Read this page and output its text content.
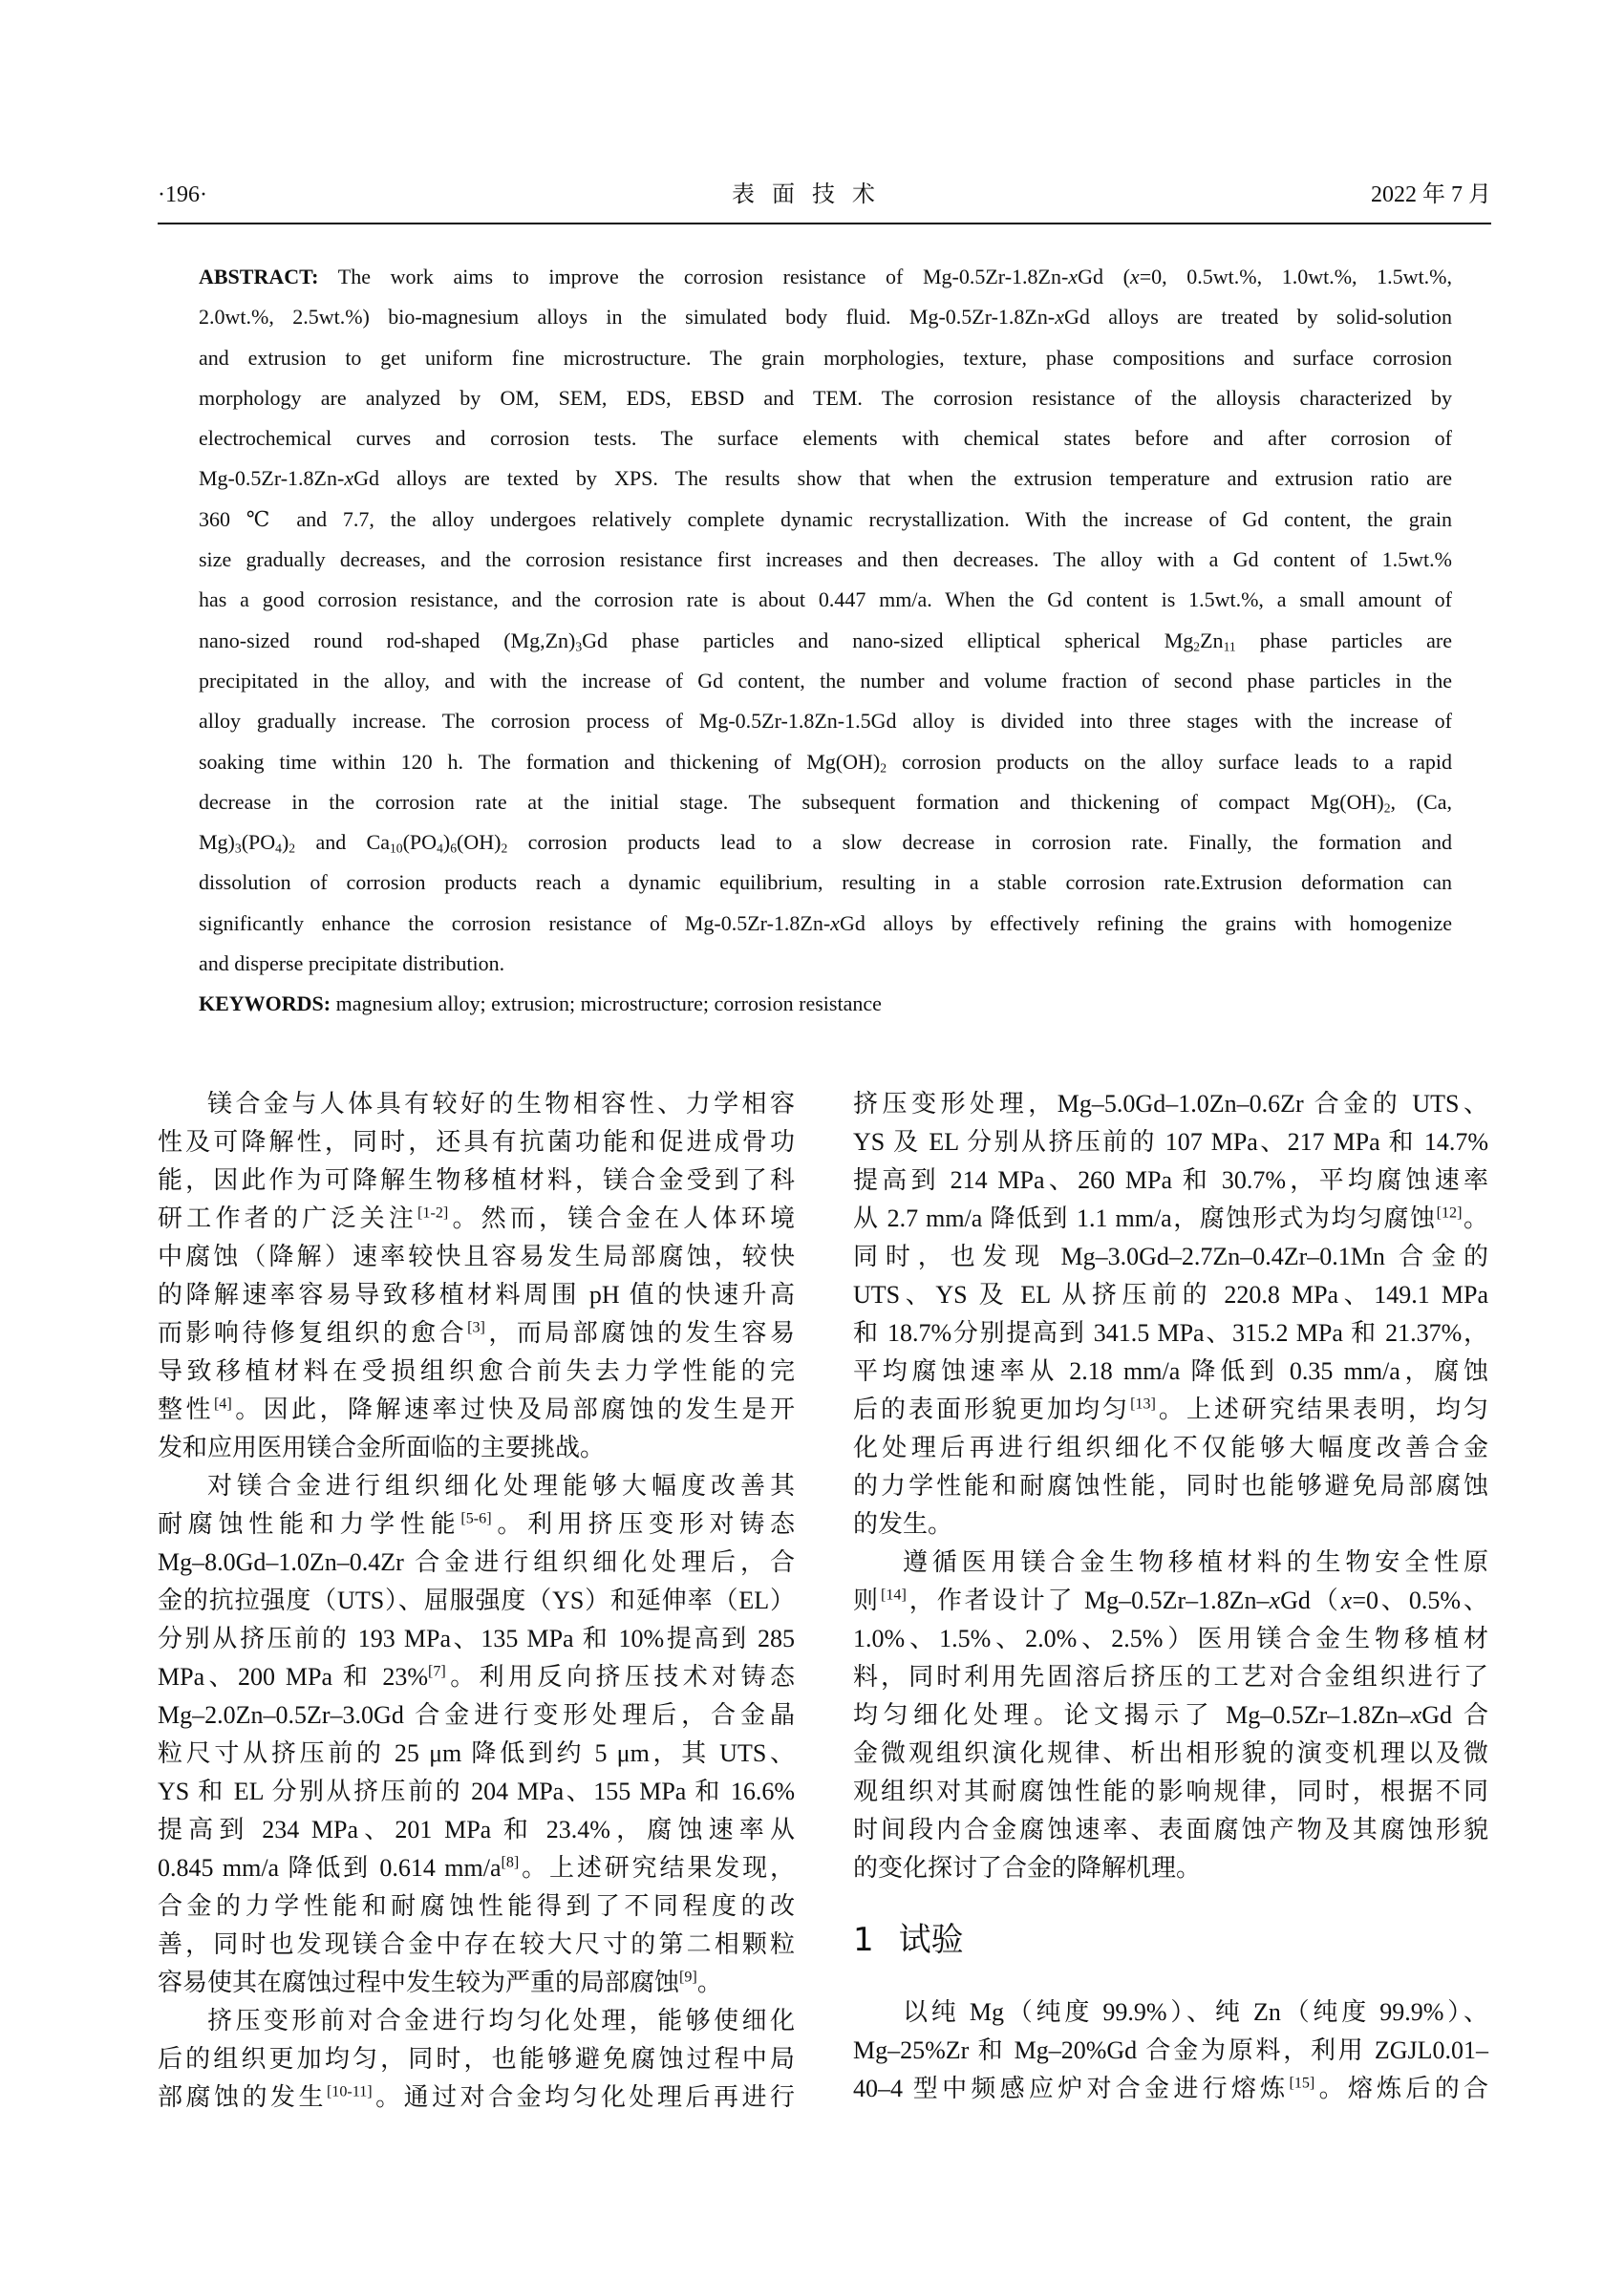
·196·	表面技术	2022 年 7 月
ABSTRACT: The work aims to improve the corrosion resistance of Mg-0.5Zr-1.8Zn-xGd (x=0, 0.5wt.%, 1.0wt.%, 1.5wt.%,
2.0wt.%, 2.5wt.%) bio-magnesium alloys in the simulated body fluid. Mg-0.5Zr-1.8Zn-xGd alloys are treated by solid-solution
and extrusion to get uniform fine microstructure. The grain morphologies, texture, phase compositions and surface corrosion
morphology are analyzed by OM, SEM, EDS, EBSD and TEM. The corrosion resistance of the alloysis characterized by
electrochemical curves and corrosion tests. The surface elements with chemical states before and after corrosion of
Mg-0.5Zr-1.8Zn-xGd alloys are texted by XPS. The results show that when the extrusion temperature and extrusion ratio are
360 ℃ and 7.7, the alloy undergoes relatively complete dynamic recrystallization. With the increase of Gd content, the grain
size gradually decreases, and the corrosion resistance first increases and then decreases. The alloy with a Gd content of 1.5wt.%
has a good corrosion resistance, and the corrosion rate is about 0.447 mm/a. When the Gd content is 1.5wt.%, a small amount of
nano-sized round rod-shaped $(Mg,Zn)_3Gd$ phase particles and nano-sized elliptical spherical $Mg_2Zn_{11}$ phase particles are
precipitated in the alloy, and with the increase of Gd content, the number and volume fraction of second phase particles in the
alloy gradually increase. The corrosion process of Mg-0.5Zr-1.8Zn-1.5Gd alloy is divided into three stages with the increase of
soaking time within 120 h. The formation and thickening of $Mg(OH)_2$ corrosion products on the alloy surface leads to a rapid
decrease in the corrosion rate at the initial stage. The subsequent formation and thickening of compact $Mg(OH)_2$, (Ca,
$Mg)_3(PO_4)_2$ and $Ca_{10}(PO_4)_6(OH)_2$ corrosion products lead to a slow decrease in corrosion rate. Finally, the formation and
dissolution of corrosion products reach a dynamic equilibrium, resulting in a stable corrosion rate.Extrusion deformation can
significantly enhance the corrosion resistance of Mg-0.5Zr-1.8Zn-xGd alloys by effectively refining the grains with homogenize
and disperse precipitate distribution.
KEYWORDS: magnesium alloy; extrusion; microstructure; corrosion resistance
镁合金与人体具有较好的生物相容性、力学相容
性及可降解性，同时，还具有抗菌功能和促进成骨功
能，因此作为可降解生物移植材料，镁合金受到了科
研工作者的广泛关注[1-2]。然而，镁合金在人体环境
中腐蚀（降解）速率较快且容易发生局部腐蚀，较快
的降解速率容易导致移植材料周围 pH 值的快速升高
而影响待修复组织的愈合[3]，而局部腐蚀的发生容易
导致移植材料在受损组织愈合前失去力学性能的完
整性[4]。因此，降解速率过快及局部腐蚀的发生是开
发和应用医用镁合金所面临的主要挑战。
对镁合金进行组织细化处理能够大幅度改善其
耐腐蚀性能和力学性能[5-6]。利用挤压变形对铸态
Mg–8.0Gd–1.0Zn–0.4Zr 合金进行组织细化处理后，合
金的抗拉强度（UTS）、屈服强度（YS）和延伸率（EL）
分别从挤压前的 193 MPa、135 MPa 和 10%提高到 285
MPa、200 MPa 和 23%[7]。利用反向挤压技术对铸态
Mg–2.0Zn–0.5Zr–3.0Gd 合金进行变形处理后，合金晶
粒尺寸从挤压前的 25 μm 降低到约 5 μm，其 UTS、
YS 和 EL 分别从挤压前的 204 MPa、155 MPa 和 16.6%
提高到 234 MPa、201 MPa 和 23.4%，腐蚀速率从
0.845 mm/a 降低到 0.614 mm/a[8]。上述研究结果发现，
合金的力学性能和耐腐蚀性能得到了不同程度的改
善，同时也发现镁合金中存在较大尺寸的第二相颗粒
容易使其在腐蚀过程中发生较为严重的局部腐蚀[9]。
挤压变形前对合金进行均匀化处理，能够使细化
后的组织更加均匀，同时，也能够避免腐蚀过程中局
部腐蚀的发生[10-11]。通过对合金均匀化处理后再进行
挤压变形处理，Mg–5.0Gd–1.0Zn–0.6Zr 合金的 UTS、
YS 及 EL 分别从挤压前的 107 MPa、217 MPa 和 14.7%
提高到 214 MPa、260 MPa 和 30.7%，平均腐蚀速率
从 2.7 mm/a 降低到 1.1 mm/a，腐蚀形式为均匀腐蚀[12]。
同时，也发现 Mg–3.0Gd–2.7Zn–0.4Zr–0.1Mn 合金的
UTS、YS 及 EL 从挤压前的 220.8 MPa、149.1 MPa
和 18.7%分别提高到 341.5 MPa、315.2 MPa 和 21.37%，
平均腐蚀速率从 2.18 mm/a 降低到 0.35 mm/a，腐蚀
后的表面形貌更加均匀[13]。上述研究结果表明，均匀
化处理后再进行组织细化不仅能够大幅度改善合金
的力学性能和耐腐蚀性能，同时也能够避免局部腐蚀
的发生。
遵循医用镁合金生物移植材料的生物安全性原
则[14]，作者设计了 Mg–0.5Zr–1.8Zn–xGd（x=0、0.5%、
1.0%、1.5%、2.0%、2.5%）医用镁合金生物移植材
料，同时利用先固溶后挤压的工艺对合金组织进行了
均匀细化处理。论文揭示了 Mg–0.5Zr–1.8Zn–xGd 合
金微观组织演化规律、析出相形貌的演变机理以及微
观组织对其耐腐蚀性能的影响规律，同时，根据不同
时间段内合金腐蚀速率、表面腐蚀产物及其腐蚀形貌
的变化探讨了合金的降解机理。
1 试验
以纯 Mg（纯度 99.9%）、纯 Zn（纯度 99.9%）、
Mg–25%Zr 和 Mg–20%Gd 合金为原料，利用 ZGJL0.01–
40–4 型中频感应炉对合金进行熔炼[15]。熔炼后的合
